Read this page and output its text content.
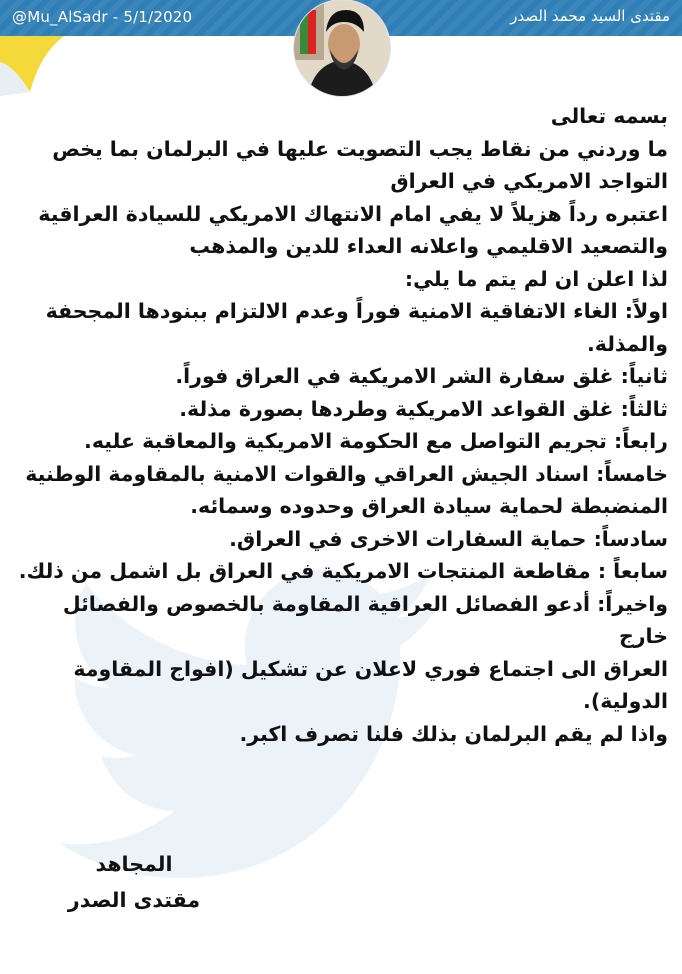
@Mu_AlSadr - 5/1/2020	مقتدى السيد محمد الصدر

بسمه تعالى

ما وردني من نقاط يجب التصويت عليها في البرلمان بما يخص

التواجد الامريكي في العراق

اعتبره رداً هزيلاً لا يفي امام الانتهاك الامريكي للسيادة العراقية

والتصعيد الاقليمي واعلانه العداء للدين والمذهب

لذا اعلن ان لم يتم ما يلي:

اولاً: الغاء الاتفاقية الامنية فوراً وعدم الالتزام ببنودها المجحفة

والمذلة.

ثانياً: غلق سفارة الشر الامريكية في العراق فوراً.

ثالثاً: غلق القواعد الامريكية وطردها بصورة مذلة.

رابعاً: تجريم التواصل مع الحكومة الامريكية والمعاقبة عليه.

خامساً: اسناد الجيش العراقي والقوات الامنية بالمقاومة الوطنية

المنضبطة لحماية سيادة العراق وحدوده وسمائه.

سادساً: حماية السفارات الاخرى في العراق.

سابعاً : مقاطعة المنتجات الامريكية في العراق بل اشمل من ذلك.

واخيراً: أدعو الفصائل العراقية المقاومة بالخصوص والفصائل خارج

العراق الى اجتماع فوري لاعلان عن تشكيل (افواج المقاومة

الدولية).

واذا لم يقم البرلمان بذلك فلنا تصرف اكبر.

المجاهد

مقتدى الصدر
